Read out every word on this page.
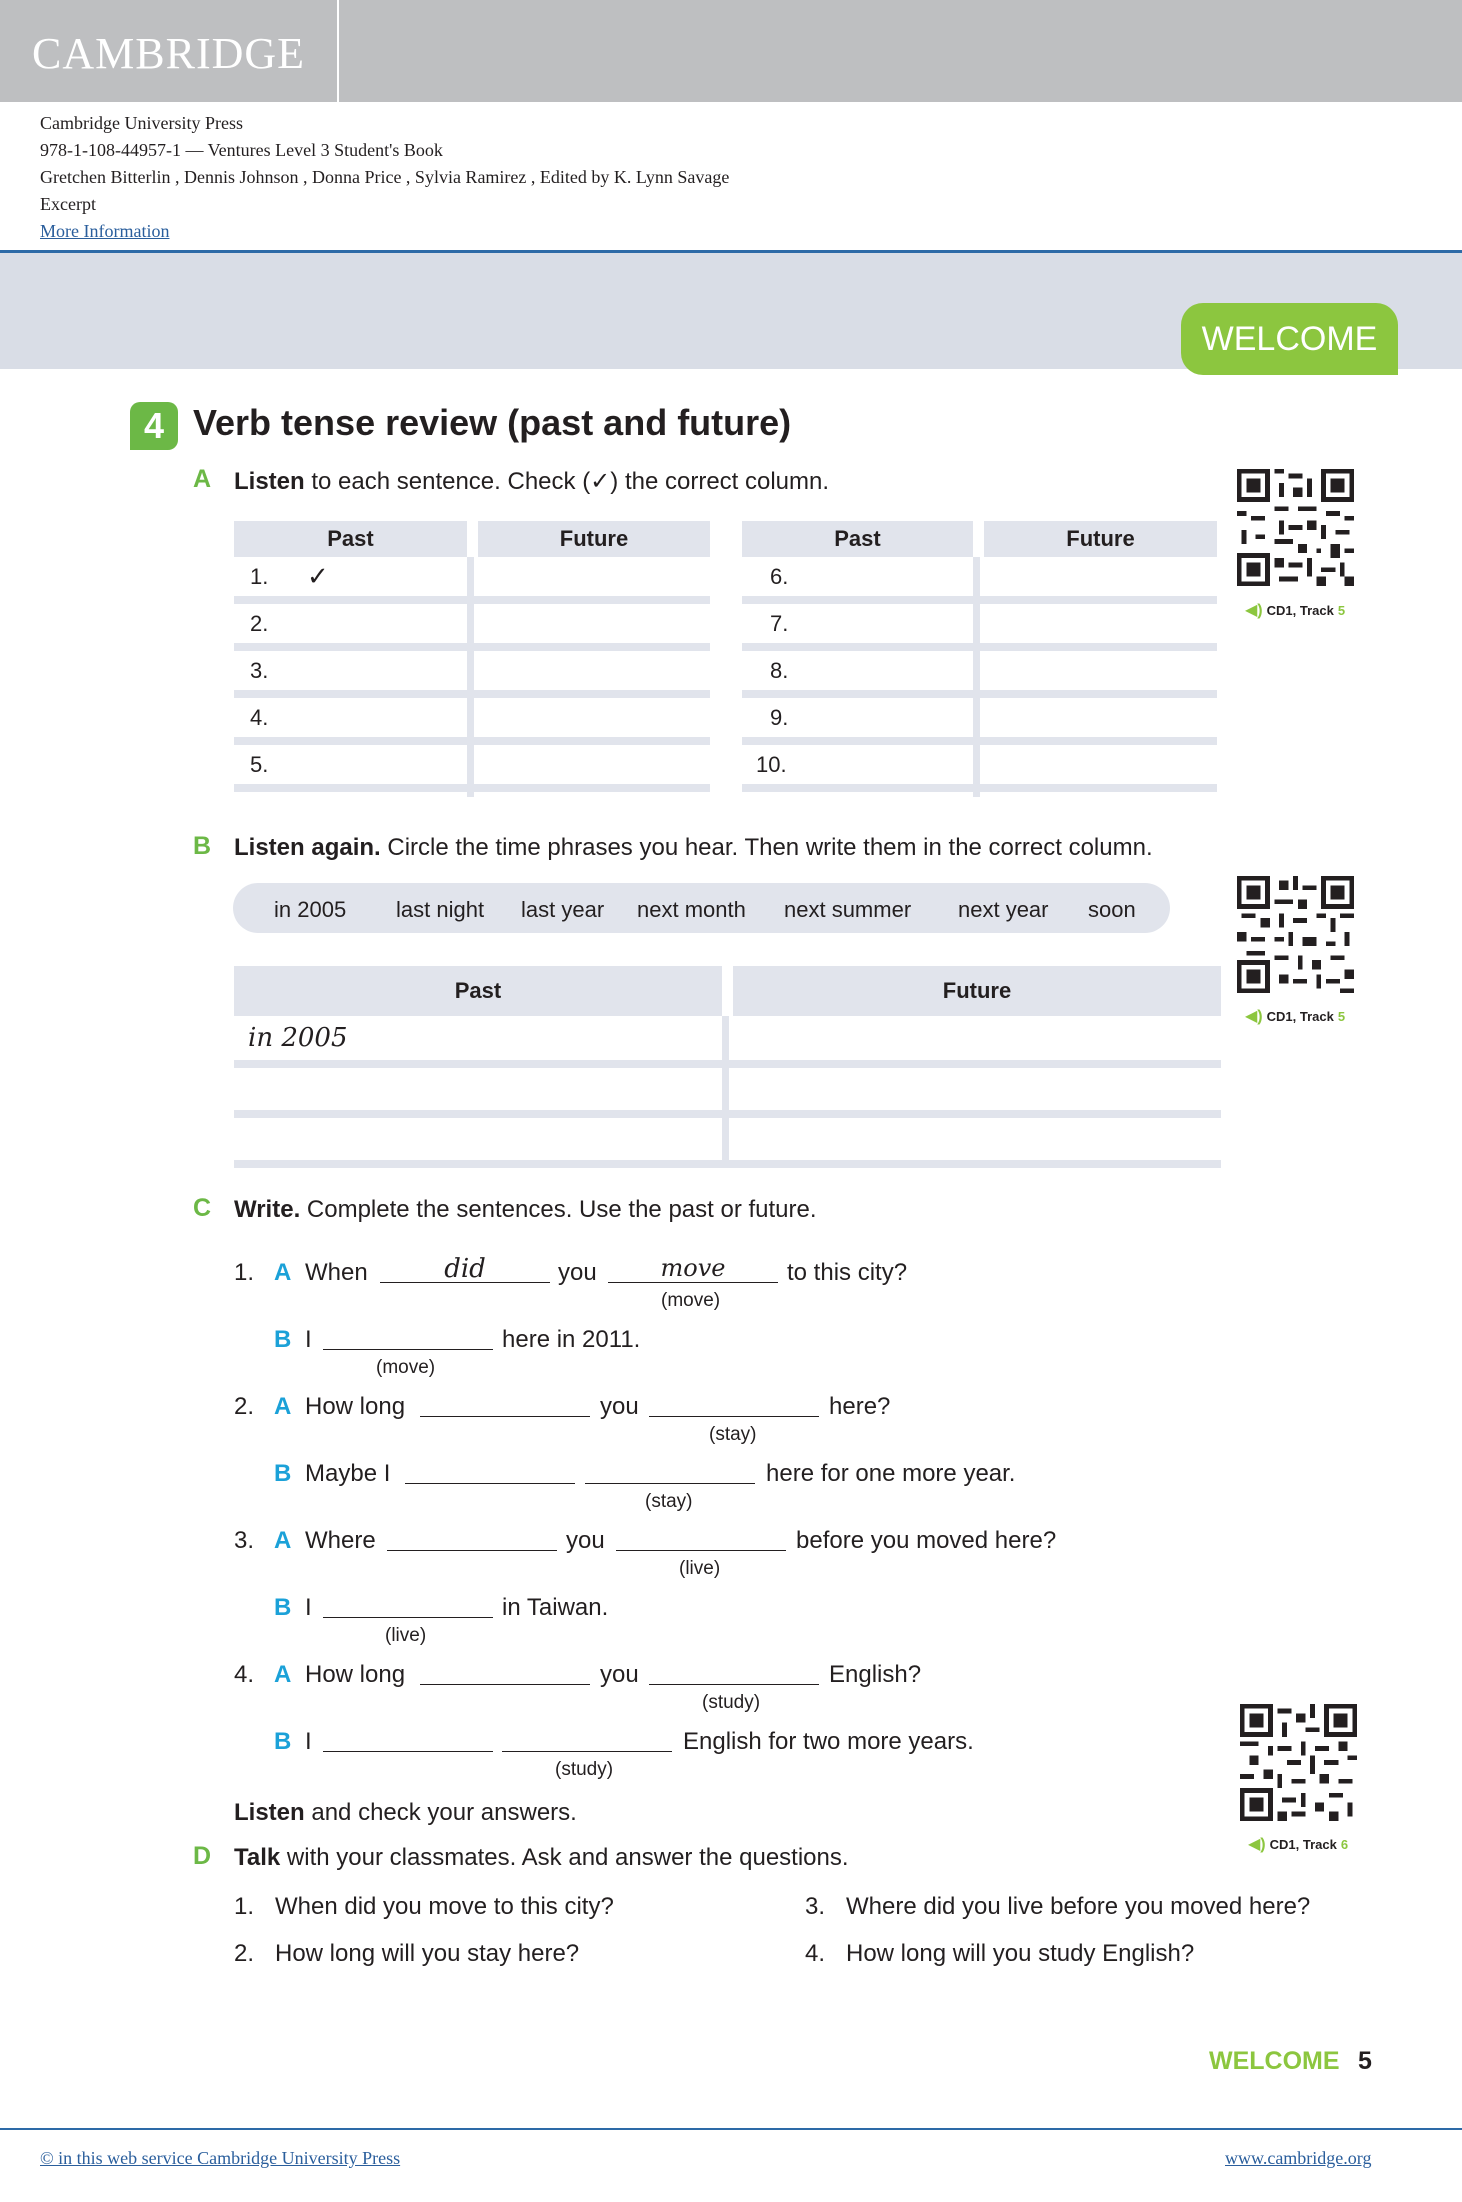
CAMBRIDGE
Cambridge University Press
978-1-108-44957-1 — Ventures Level 3 Student's Book
Gretchen Bitterlin , Dennis Johnson , Donna Price , Sylvia Ramirez , Edited by K. Lynn Savage
Excerpt
More Information
WELCOME
4 Verb tense review (past and future)
A Listen to each sentence. Check (✓) the correct column.
Past	Future
1.	✓
2.
3.
4.
5.
Past	Future
6.
7.
8.
9.
10.
◀) CD1, Track 5
B Listen again. Circle the time phrases you hear. Then write them in the correct column.
in 2005 last night last year next month next summer next year soon
Past	Future
in 2005
◀) CD1, Track 5
C Write. Complete the sentences. Use the past or future.
1. A When	did	you	move	to this city?
(move)
B I	here in 2011.
(move)
2. A How long	you	here?
(stay)
B Maybe I	here for one more year.
(stay)
3. A Where	you	before you moved here?
(live)
B I	in Taiwan.
(live)
4. A How long	you	English?
(study)
B I	English for two more years.
(study)
Listen and check your answers.
◀) CD1, Track 6
D Talk with your classmates. Ask and answer the questions.
1. When did you move to this city?
2. How long will you stay here?
3. Where did you live before you moved here?
4. How long will you study English?
WELCOME 5
© in this web service Cambridge University Press	www.cambridge.org
